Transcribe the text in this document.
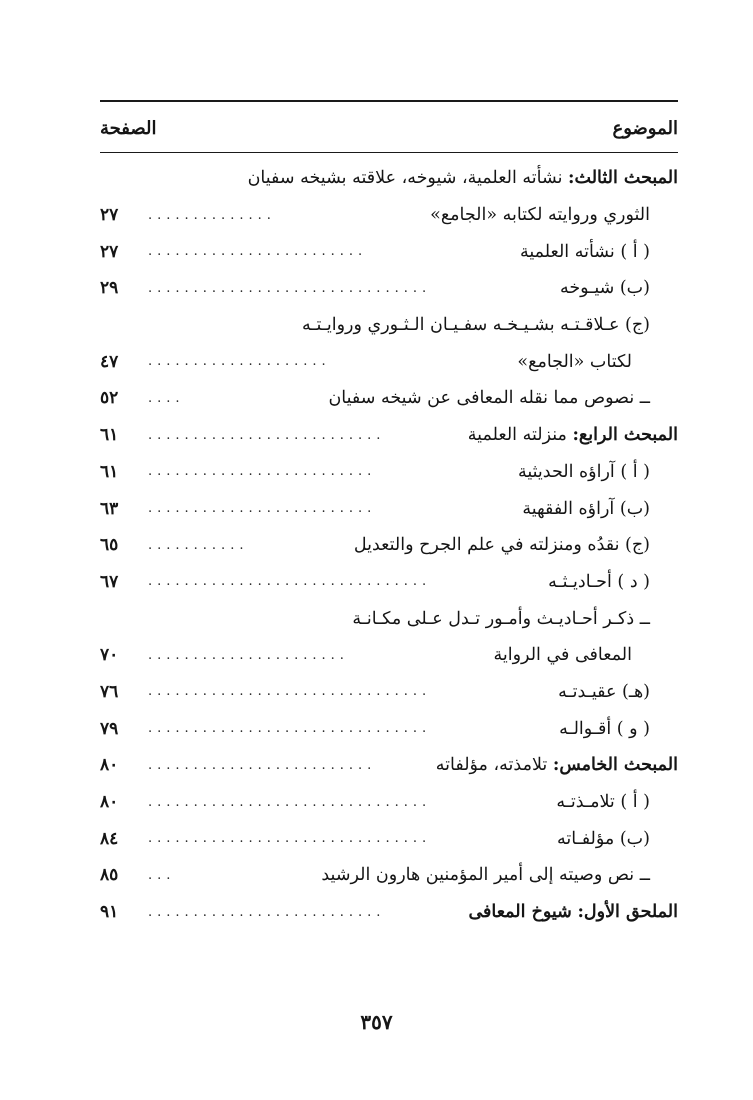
الموضوع
الصفحة
المبحث الثالث:

نشأته العلمية، شيوخه، علاقته بشيخه سفيان
الثوري وروايته لكتابه «الجامع»
..............
٢٧
( أ ) نشأته العلمية
........................
٢٧
(ب) شيـوخه
...............................
٢٩
(ج) عـلاقـتـه بشـيـخـه سفـيـان الـثـوري وروايـتـه
لكتاب «الجامع»
....................
٤٧
ــ نصوص مما نقله المعافى عن شيخه سفيان
....
٥٢
المبحث الرابع:

منزلته العلمية
..........................
٦١
( أ ) آراؤه الحديثية
.........................
٦١
(ب) آراؤه الفقهية
.........................
٦٣
(ج) نقدُه ومنزلته في علم الجرح والتعديل
...........
٦٥
( د ) أحـاديـثـه
...............................
٦٧
ــ ذكـر أحـاديـث وأمـور تـدل عـلى مكـانـة
المعافى في الرواية
......................
٧٠
(هـ) عقيـدتـه
...............................
٧٦
( و ) أقـوالـه
...............................
٧٩
المبحث الخامس:

تلامذته، مؤلفاته
.........................
٨٠
( أ ) تلامـذتـه
...............................
٨٠
(ب) مؤلفـاته
...............................
٨٤
ــ نص وصيته إلى أمير المؤمنين هارون الرشيد
...
٨٥
الملحق الأول:

شيوخ المعافى
..........................
٩١
٣٥٧
